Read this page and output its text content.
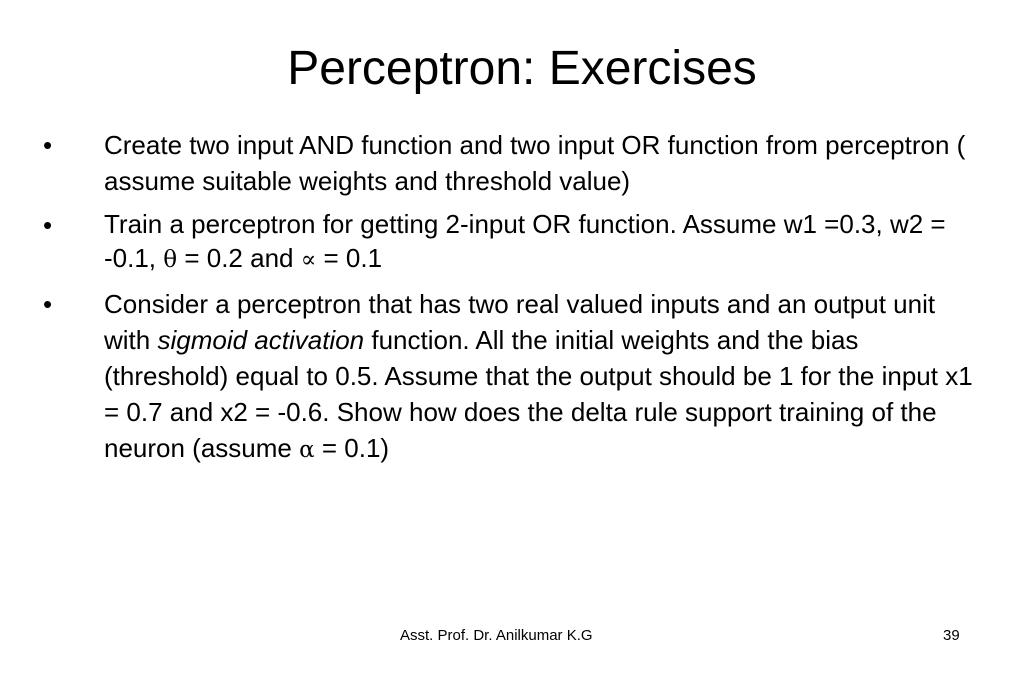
Perceptron: Exercises
• Create two input AND function and two input OR function from perceptron ( assume suitable weights and threshold value)

• Train a perceptron for getting 2-input OR function. Assume w1 =0.3, w2 = -0.1, θ = 0.2 and ∝ = 0.1

• Consider a perceptron that has two real valued inputs and an output unit with sigmoid activation function. All the initial weights and the bias (threshold) equal to 0.5. Assume that the output should be 1 for the input x1 = 0.7 and x2 = -0.6. Show how does the delta rule support training of the neuron (assume α = 0.1)

Asst. Prof. Dr. Anilkumar K.G	39
